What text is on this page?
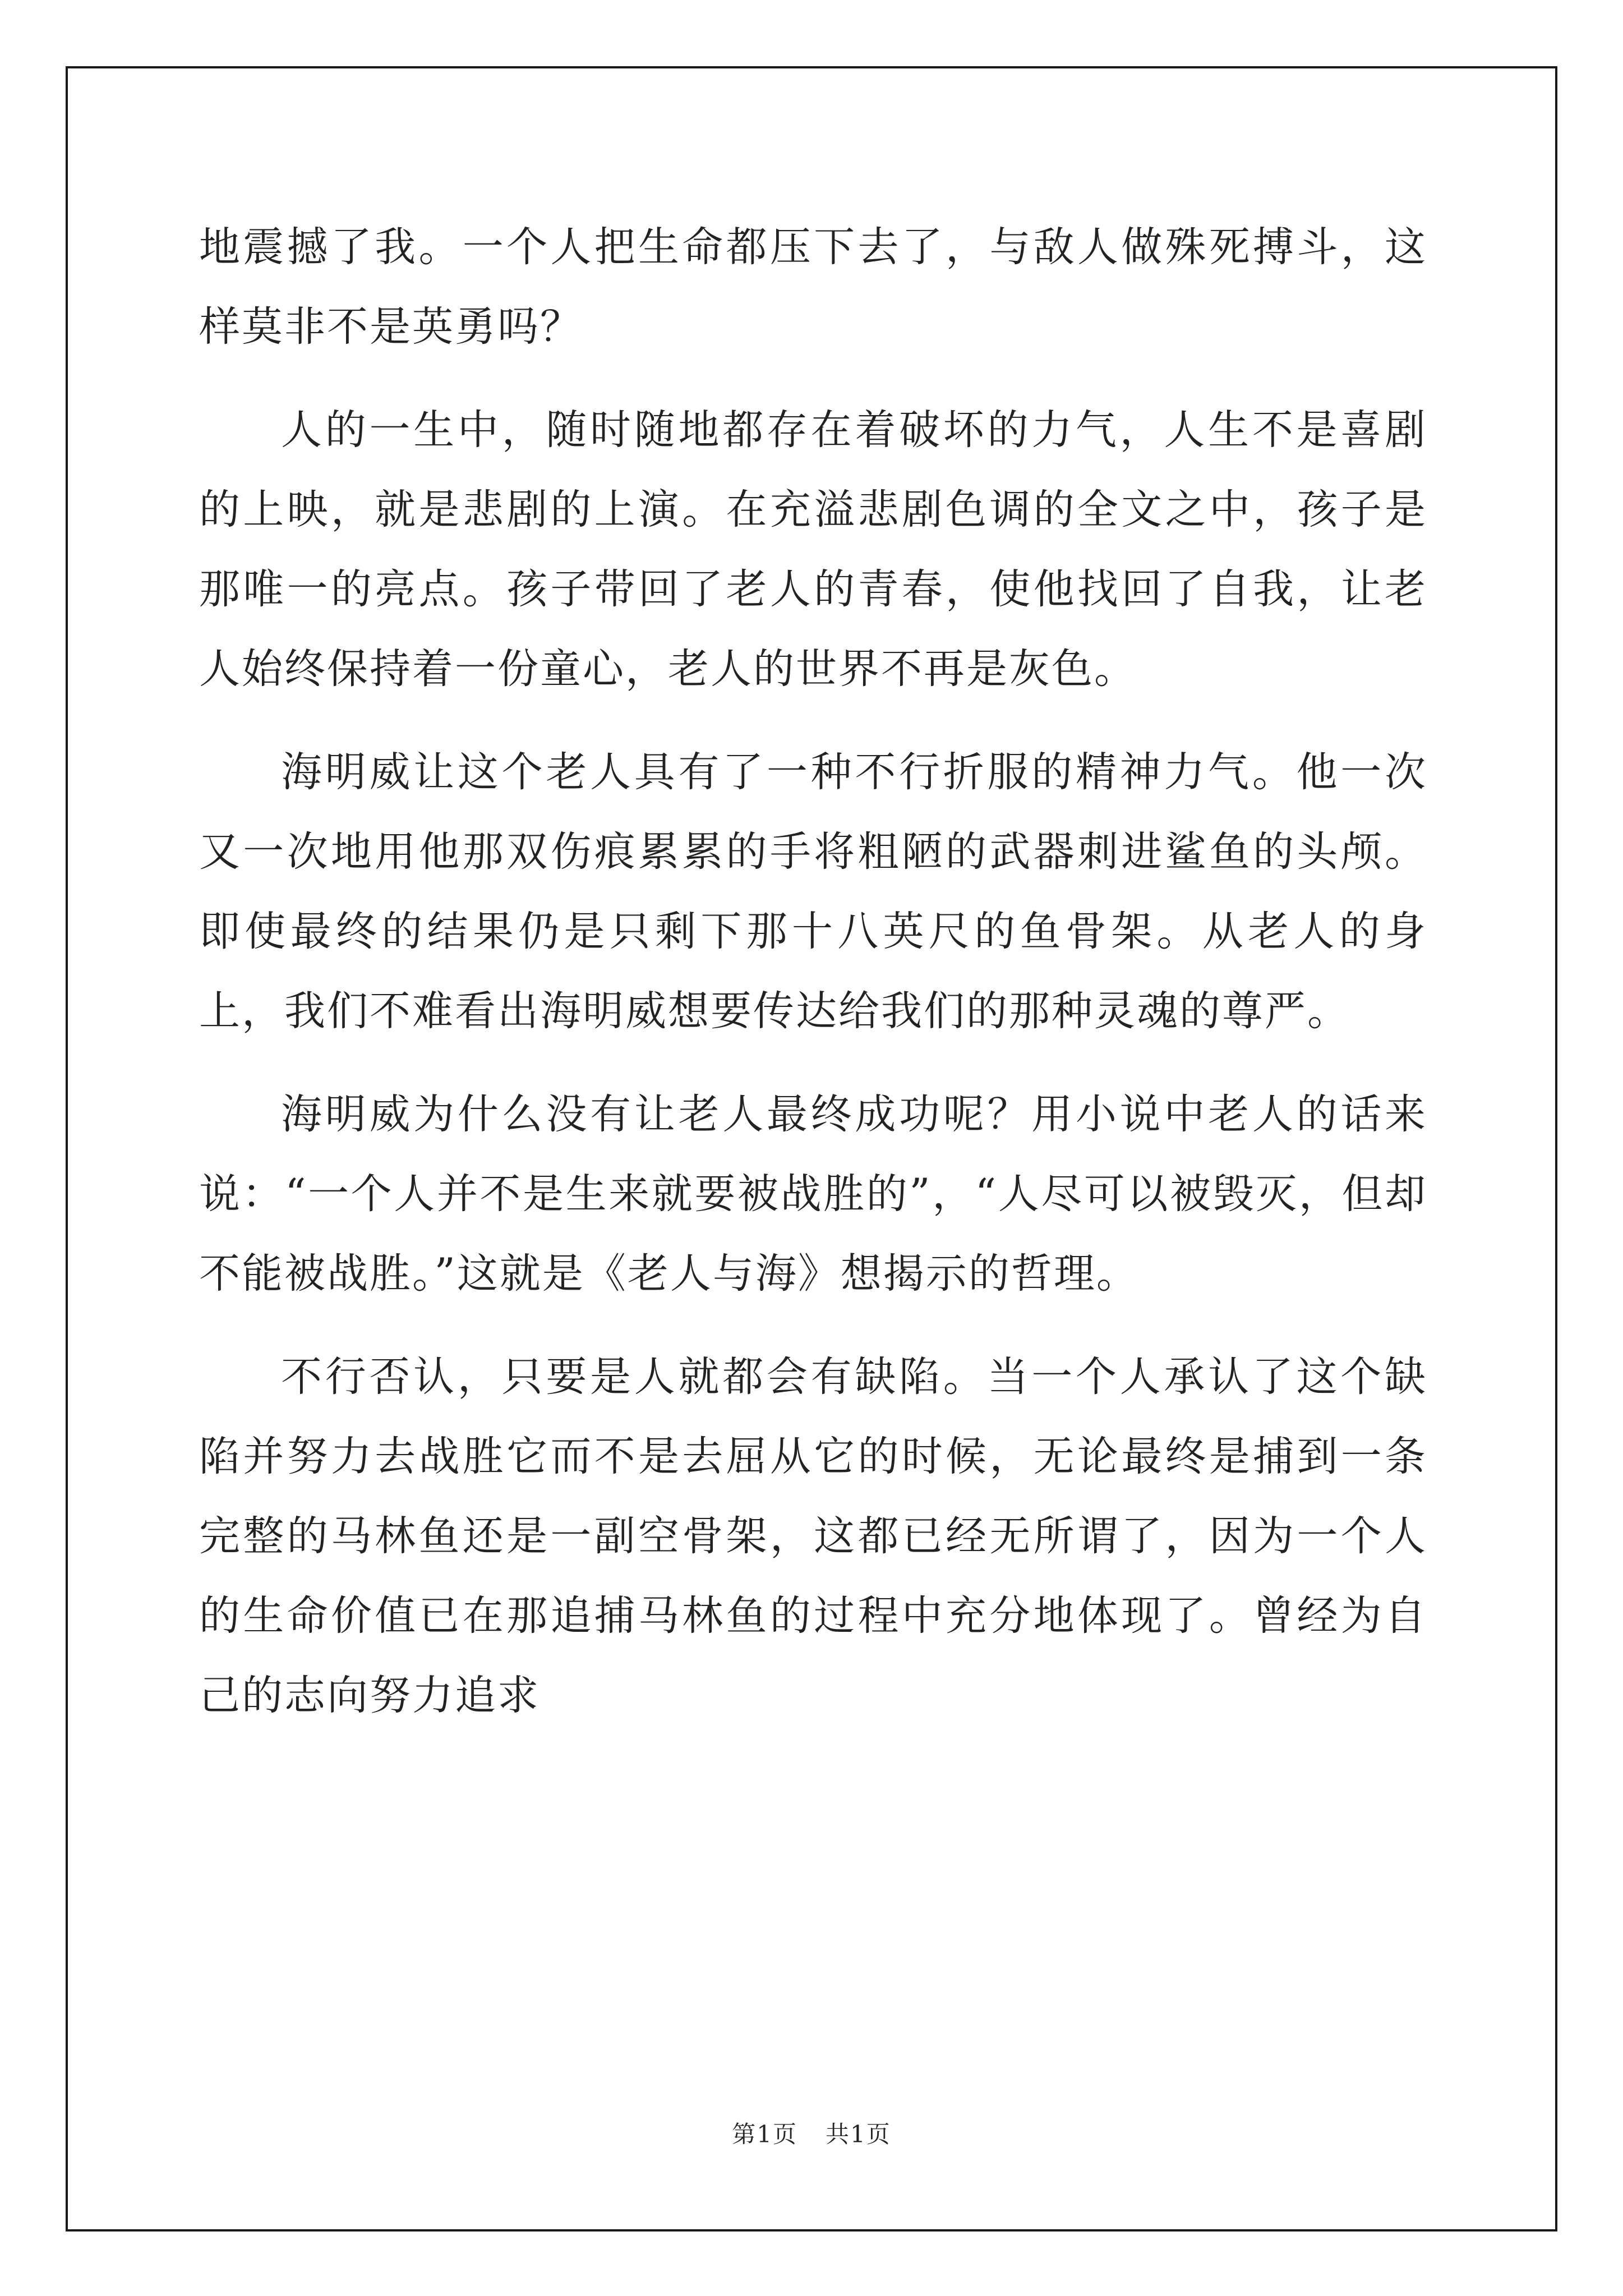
地震撼了我。一个人把生命都压下去了，与敌人做殊死搏斗，这样莫非不是英勇吗？

人的一生中，随时随地都存在着破坏的力气，人生不是喜剧的上映，就是悲剧的上演。在充溢悲剧色调的全文之中，孩子是那唯一的亮点。孩子带回了老人的青春，使他找回了自我，让老人始终保持着一份童心，老人的世界不再是灰色。

海明威让这个老人具有了一种不行折服的精神力气。他一次又一次地用他那双伤痕累累的手将粗陋的武器刺进鲨鱼的头颅。即使最终的结果仍是只剩下那十八英尺的鱼骨架。从老人的身上，我们不难看出海明威想要传达给我们的那种灵魂的尊严。

海明威为什么没有让老人最终成功呢？用小说中老人的话来说：“一个人并不是生来就要被战胜的”，“人尽可以被毁灭，但却不能被战胜。”这就是《老人与海》想揭示的哲理。

不行否认，只要是人就都会有缺陷。当一个人承认了这个缺陷并努力去战胜它而不是去屈从它的时候，无论最终是捕到一条完整的马林鱼还是一副空骨架，这都已经无所谓了，因为一个人的生命价值已在那追捕马林鱼的过程中充分地体现了。曾经为自己的志向努力追求

第1页 共1页
